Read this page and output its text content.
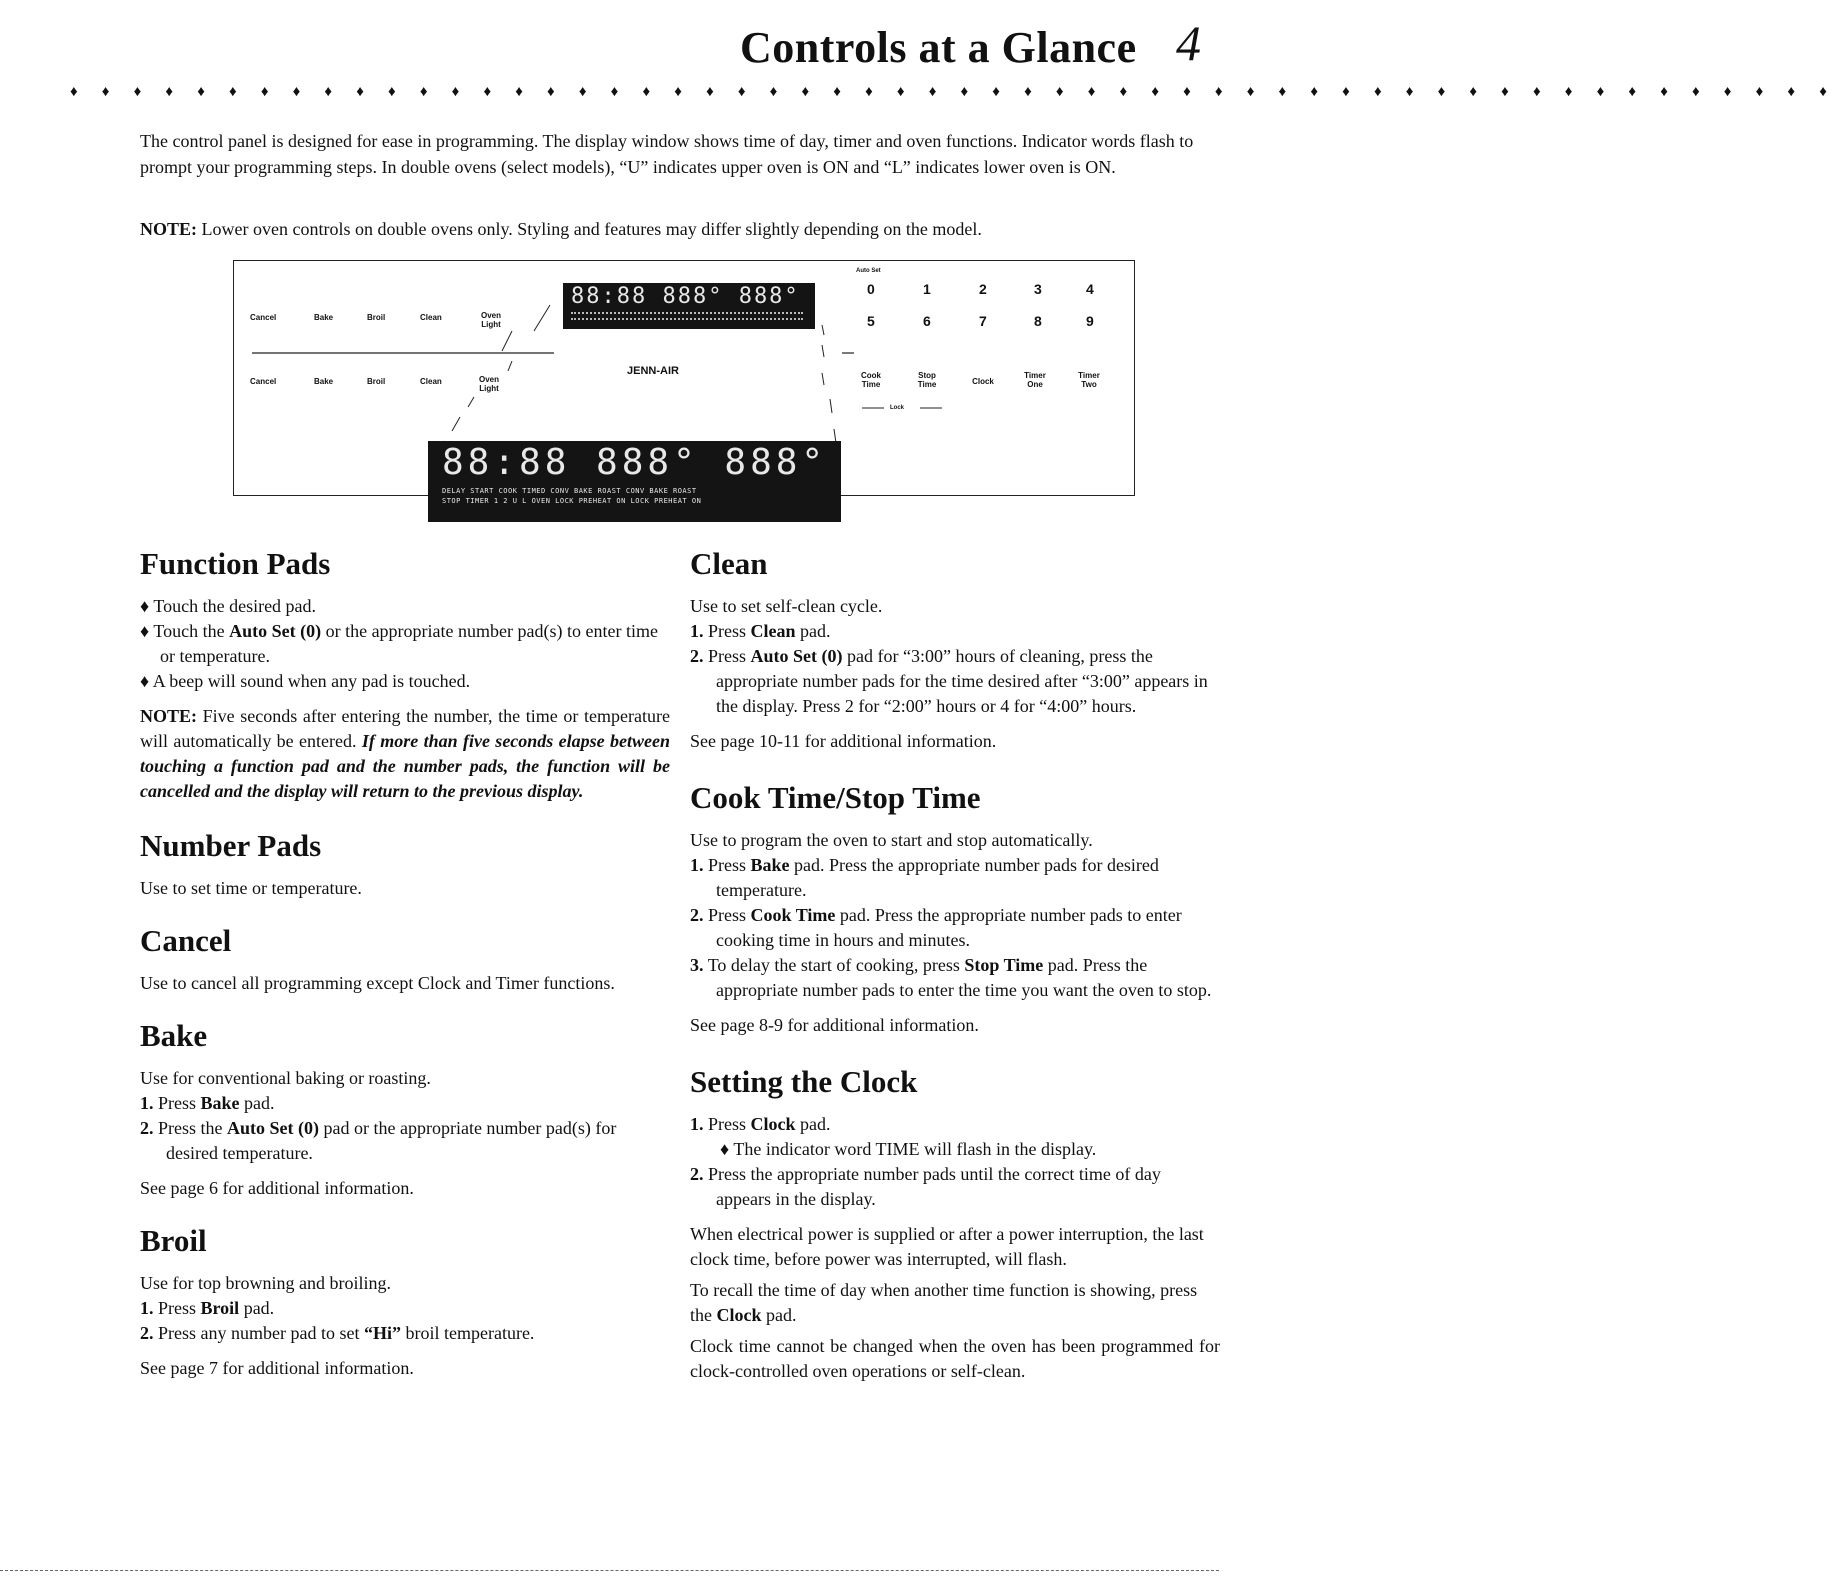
Controls at a Glance 4
♦ ♦ ♦ ♦ ♦ ♦ ♦ ♦ ♦ ♦ ♦ ♦ ♦ ♦ ♦ ♦ ♦ ♦ ♦ ♦ ♦ ♦ ♦ ♦ ♦ ♦ ♦ ♦ ♦ ♦ ♦ ♦ ♦ ♦ ♦ ♦ ♦ ♦ ♦ ♦ ♦ ♦ ♦ ♦ ♦ ♦ ♦ ♦ ♦ ♦ ♦ ♦ ♦ ♦ ♦ ♦
The control panel is designed for ease in programming. The display window shows time of day, timer and oven functions. Indicator words flash to prompt your programming steps. In double ovens (select models), “U” indicates upper oven is ON and “L” indicates lower oven is ON.
NOTE: Lower oven controls on double ovens only. Styling and features may differ slightly depending on the model.
Cancel	Bake	Broil	Clean	Oven Light
Cancel	Bake	Broil	Clean	Oven Light
88:88 888° 888°
JENN-AIR
Auto Set
0	1	2	3	4
5	6	7	8	9
Cook Time
Stop Time	Clock
Timer One
Timer Two
Lock
88:88 888° 888°
DELAY START COOK TIMED CONV BAKE ROAST CONV BAKE ROAST
STOP TIMER 1 2 U L OVEN LOCK PREHEAT ON LOCK PREHEAT ON
Function Pads

♦ Touch the desired pad.

♦ Touch the Auto Set (0) or the appropriate number pad(s) to enter time or temperature.

♦ A beep will sound when any pad is touched.

NOTE: Five seconds after entering the number, the time or temperature will automatically be entered. If more than five seconds elapse between touching a function pad and the number pads, the function will be cancelled and the display will return to the previous display.

Number Pads

Use to set time or temperature.

Cancel

Use to cancel all programming except Clock and Timer functions.

Bake

Use for conventional baking or roasting.

1. Press Bake pad.

2. Press the Auto Set (0) pad or the appropriate number pad(s) for desired temperature.

See page 6 for additional information.

Broil

Use for top browning and broiling.

1. Press Broil pad.

2. Press any number pad to set “Hi” broil temperature.

See page 7 for additional information.

Clean

Use to set self-clean cycle.

1. Press Clean pad.

2. Press Auto Set (0) pad for “3:00” hours of cleaning, press the appropriate number pads for the time desired after “3:00” appears in the display. Press 2 for “2:00” hours or 4 for “4:00” hours.

See page 10-11 for additional information.

Cook Time/Stop Time

Use to program the oven to start and stop automatically.

1. Press Bake pad. Press the appropriate number pads for desired temperature.

2. Press Cook Time pad. Press the appropriate number pads to enter cooking time in hours and minutes.

3. To delay the start of cooking, press Stop Time pad. Press the appropriate number pads to enter the time you want the oven to stop.

See page 8-9 for additional information.

Setting the Clock

1. Press Clock pad.

♦ The indicator word TIME will flash in the display.

2. Press the appropriate number pads until the correct time of day appears in the display.

When electrical power is supplied or after a power interruption, the last clock time, before power was interrupted, will flash.

To recall the time of day when another time function is showing, press the Clock pad.

Clock time cannot be changed when the oven has been programmed for clock-controlled oven operations or self-clean.
